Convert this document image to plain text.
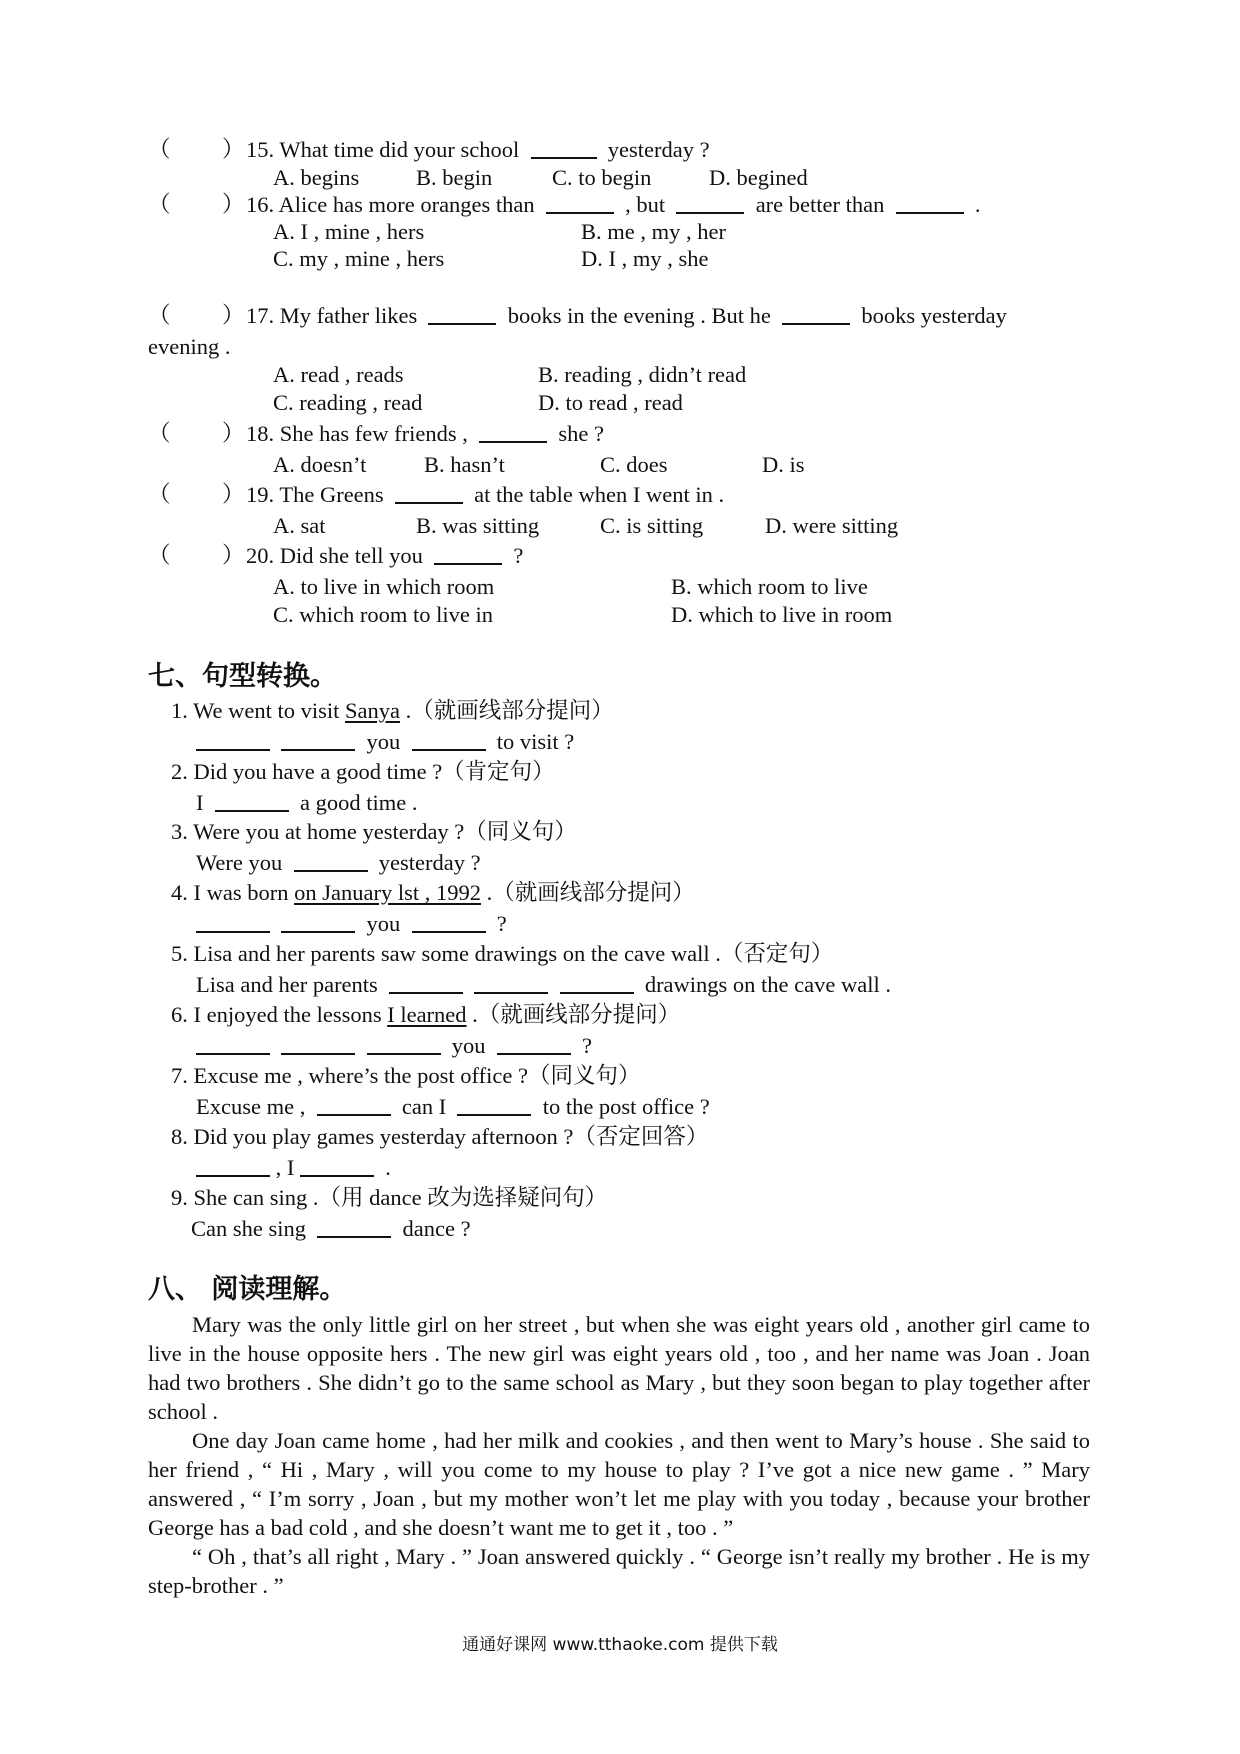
（ ） 15. What time did your school	yesterday ?
A. begins	B. begin	C. to begin	D. begined
（ ） 16. Alice has more oranges than	, but	are better than	.
A. I , mine , hers	B. me , my , her
C. my , mine , hers	D. I , my , she
（ ） 17. My father likes	books in the evening . But he	books yesterday
evening .
A. read , reads	B. reading , didn’t read
C. reading , read	D. to read , read
（ ） 18. She has few friends ,	she ?
A. doesn’t	B. hasn’t	C. does	D. is
（ ） 19. The Greens	at the table when I went in .
A. sat	B. was sitting	C. is sitting	D. were sitting
（ ） 20. Did she tell you	?
A. to live in which room	B. which room to live
C. which room to live in	D. which to live in room
七、句型转换。
1. We went to visit Sanya .（就画线部分提问）
you	to visit ?
2. Did you have a good time ?（肯定句）
I	a good time .
3. Were you at home yesterday ?（同义句）
Were you	yesterday ?
4. I was born on January lst , 1992 .（就画线部分提问）
you	?
5. Lisa and her parents saw some drawings on the cave wall .（否定句）
Lisa and her parents	drawings on the cave wall .
6. I enjoyed the lessons I learned .（就画线部分提问）
you	?
7. Excuse me , where’s the post office ?（同义句）
Excuse me ,	can I	to the post office ?
8. Did you play games yesterday afternoon ?（否定回答）
, I	.
9. She can sing .（用 dance 改为选择疑问句）
Can she sing	dance ?
八、 阅读理解。

Mary was the only little girl on her street , but when she was eight years old , another girl came to live in the house opposite hers . The new girl was eight years old , too , and her name was Joan . Joan had two brothers . She didn’t go to the same school as Mary , but they soon began to play together after school .

One day Joan came home , had her milk and cookies , and then went to Mary’s house . She said to her friend , “ Hi , Mary , will you come to my house to play ? I’ve got a nice new game . ” Mary answered , “ I’m sorry , Joan , but my mother won’t let me play with you today , because your brother George has a bad cold , and she doesn’t want me to get it , too . ”

“ Oh , that’s all right , Mary . ” Joan answered quickly . “ George isn’t really my brother . He is my step-brother . ”

通通好课网 www.tthaoke.com 提供下载
